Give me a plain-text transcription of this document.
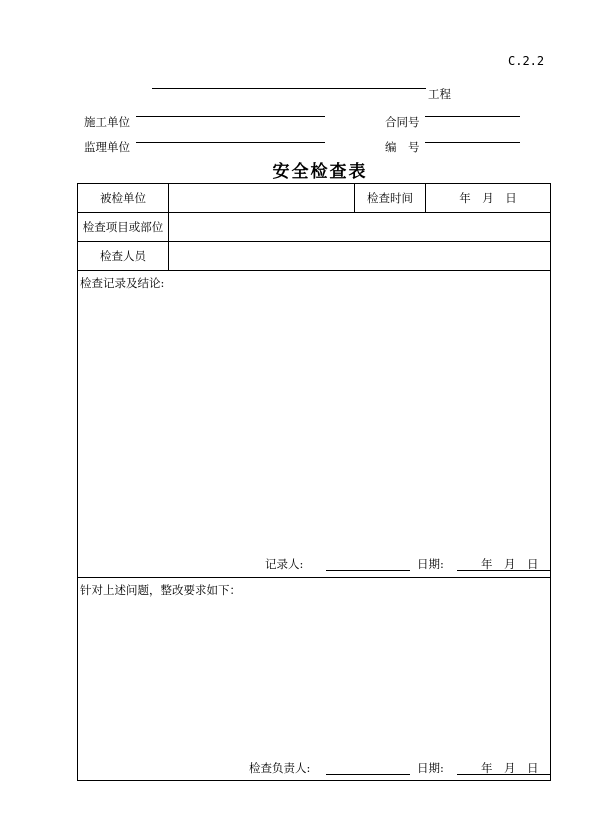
C.2.2
工程
施工单位	合同号
监理单位	编　号
安全检查表
被检单位	检查时间	年　月　日
检查项目或部位
检查人员
检查记录及结论:
记录人:	日期:	年　月　日
针对上述问题，整改要求如下：
检查负责人:	日期:	年　月　日
